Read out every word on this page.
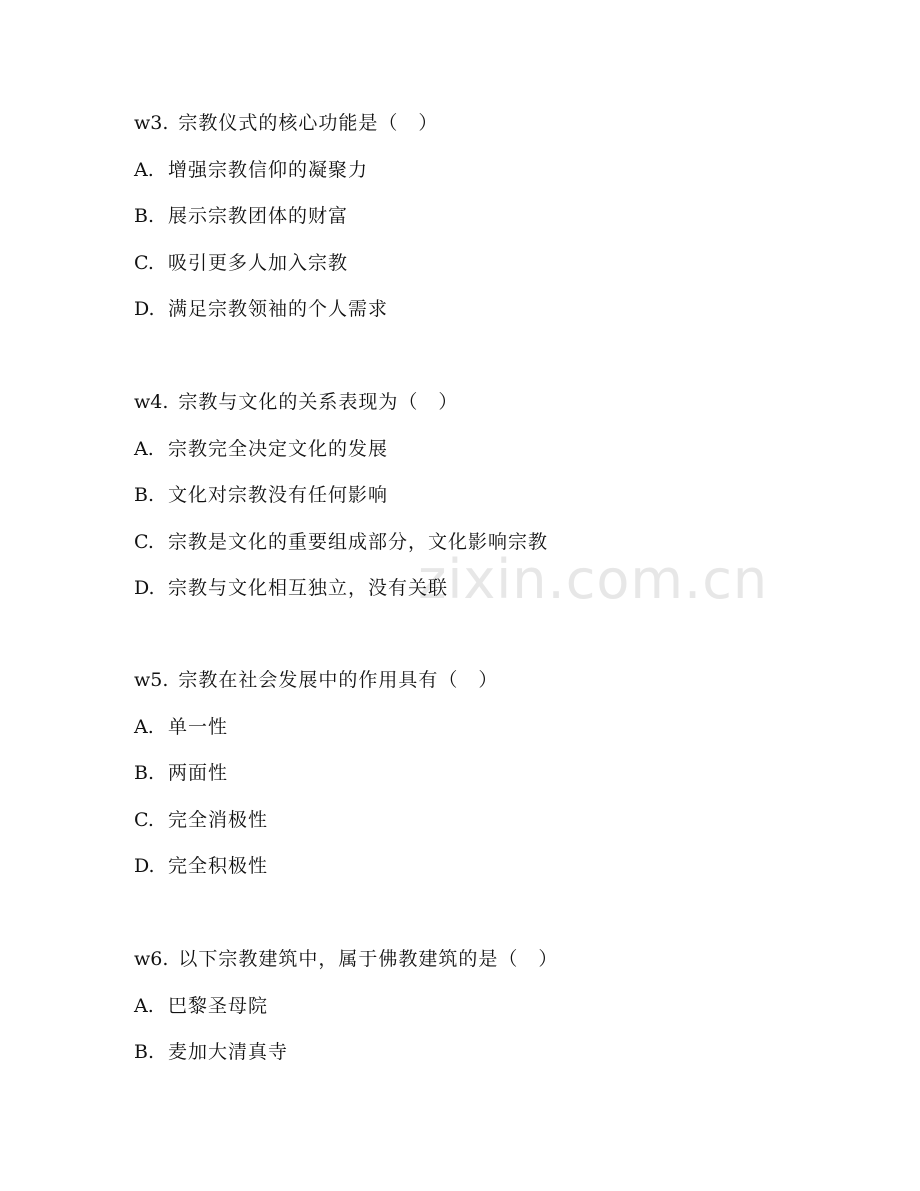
zixin.com.cn
w3. 宗教仪式的核心功能是（　）
A. 增强宗教信仰的凝聚力
B. 展示宗教团体的财富
C. 吸引更多人加入宗教
D. 满足宗教领袖的个人需求
w4. 宗教与文化的关系表现为（　）
A. 宗教完全决定文化的发展
B. 文化对宗教没有任何影响
C. 宗教是文化的重要组成部分，文化影响宗教
D. 宗教与文化相互独立，没有关联
w5. 宗教在社会发展中的作用具有（　）
A. 单一性
B. 两面性
C. 完全消极性
D. 完全积极性
w6. 以下宗教建筑中，属于佛教建筑的是（　）
A. 巴黎圣母院
B. 麦加大清真寺
